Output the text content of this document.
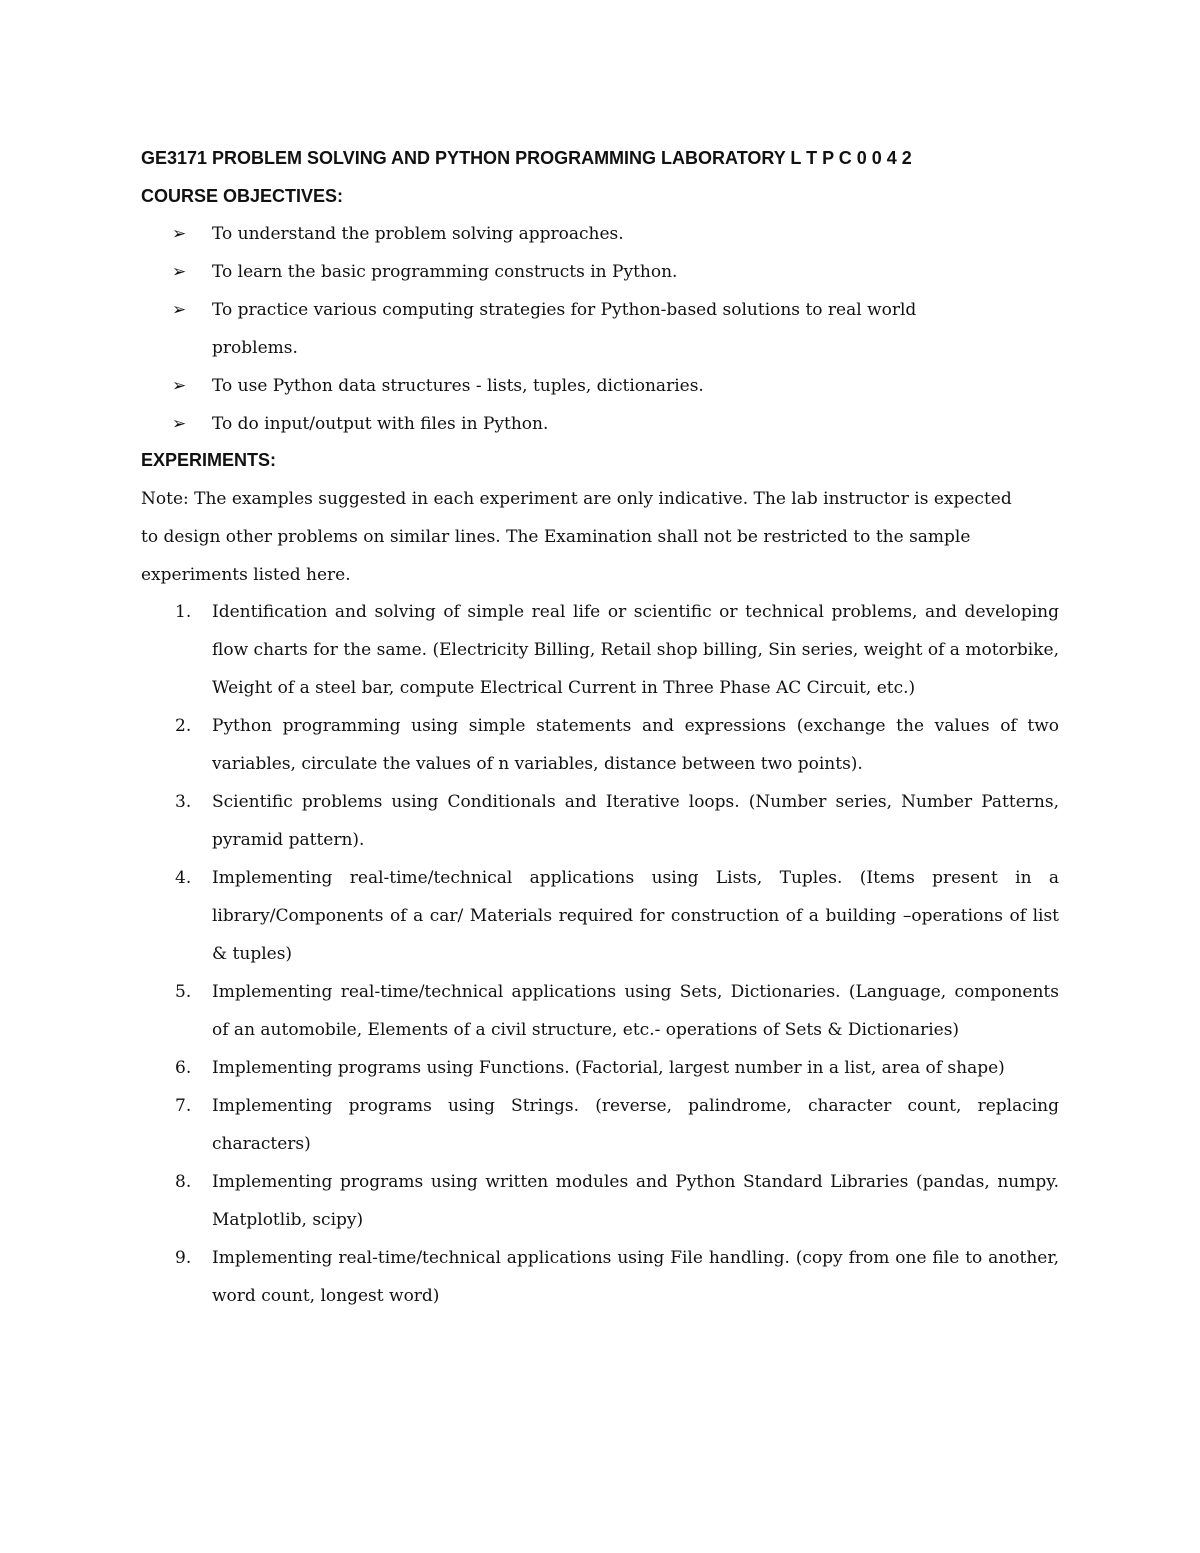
GE3171 PROBLEM SOLVING AND PYTHON PROGRAMMING LABORATORY L T P C 0 0 4 2
COURSE OBJECTIVES:
➢ To understand the problem solving approaches.
➢ To learn the basic programming constructs in Python.
➢ To practice various computing strategies for Python-based solutions to real world problems.
➢ To use Python data structures - lists, tuples, dictionaries.
➢ To do input/output with files in Python.
EXPERIMENTS:

Note: The examples suggested in each experiment are only indicative. The lab instructor is expected to design other problems on similar lines. The Examination shall not be restricted to the sample experiments listed here.

1. Identification and solving of simple real life or scientific or technical problems, and developing flow charts for the same. (Electricity Billing, Retail shop billing, Sin series, weight of a motorbike, Weight of a steel bar, compute Electrical Current in Three Phase AC Circuit, etc.)
2. Python programming using simple statements and expressions (exchange the values of two variables, circulate the values of n variables, distance between two points).
3. Scientific problems using Conditionals and Iterative loops. (Number series, Number Patterns, pyramid pattern).
4. Implementing real-time/technical applications using Lists, Tuples. (Items present in a library/Components of a car/ Materials required for construction of a building –operations of list & tuples)
5. Implementing real-time/technical applications using Sets, Dictionaries. (Language, components of an automobile, Elements of a civil structure, etc.- operations of Sets & Dictionaries)
6. Implementing programs using Functions. (Factorial, largest number in a list, area of shape)
7. Implementing programs using Strings. (reverse, palindrome, character count, replacing characters)
8. Implementing programs using written modules and Python Standard Libraries (pandas, numpy. Matplotlib, scipy)
9. Implementing real-time/technical applications using File handling. (copy from one file to another, word count, longest word)
